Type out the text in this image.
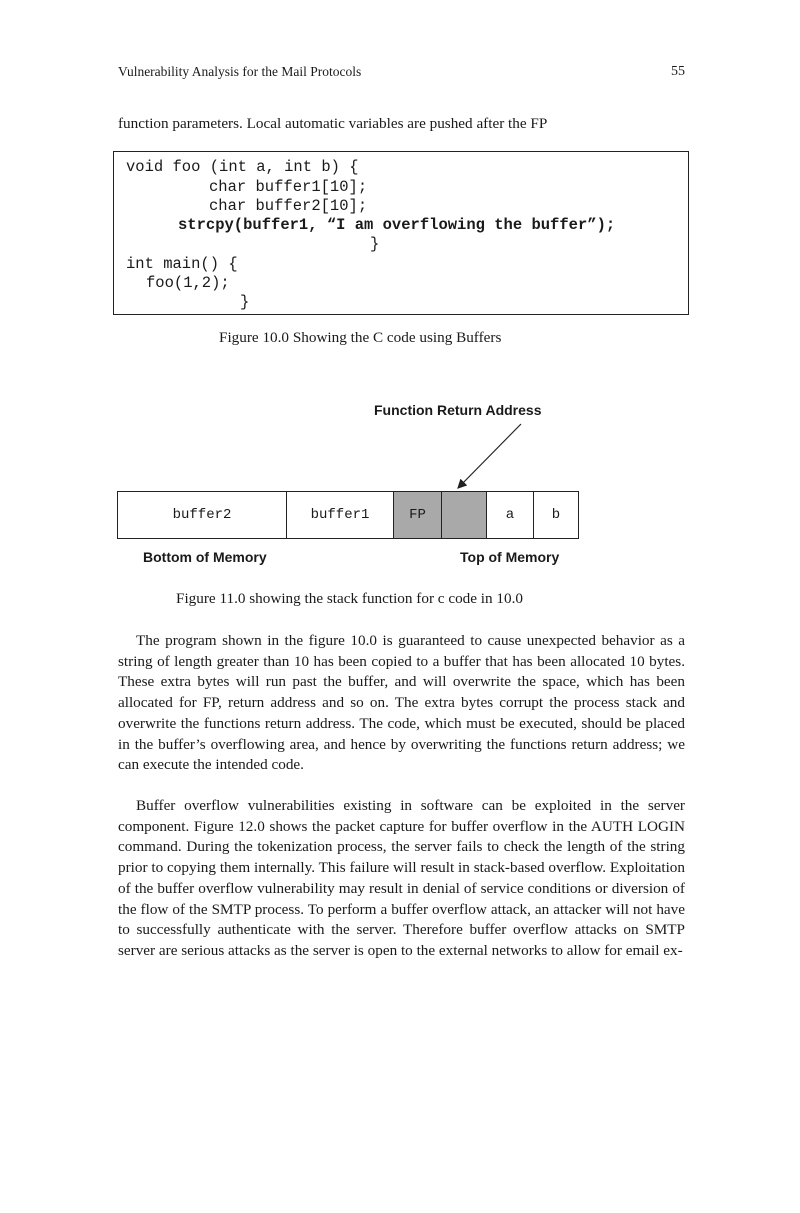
Vulnerability Analysis for the Mail Protocols	55

function parameters. Local automatic variables are pushed after the FP

void foo (int a, int b) {
char buffer1[10];
char buffer2[10];
strcpy(buffer1, “I am overflowing the buffer”);
}
int main() {
foo(1,2);
}
Figure 10.0 Showing the C code using Buffers
Function Return Address
buffer2	buffer1	FP	a	b
Bottom of Memory	Top of Memory
Figure 11.0 showing the stack function for c code in 10.0

The program shown in the figure 10.0 is guaranteed to cause unexpected behavior as a string of length greater than 10 has been copied to a buffer that has been allocated 10 bytes. These extra bytes will run past the buffer, and will overwrite the space, which has been allocated for FP, return address and so on. The extra bytes corrupt the process stack and overwrite the functions return address. The code, which must be executed, should be placed in the buffer’s overflowing area, and hence by overwriting the functions return address; we can execute the intended code.

Buffer overflow vulnerabilities existing in software can be exploited in the server component. Figure 12.0 shows the packet capture for buffer overflow in the AUTH LOGIN command. During the tokenization process, the server fails to check the length of the string prior to copying them internally. This failure will result in stack-based overflow. Exploitation of the buffer overflow vulnerability may result in denial of service conditions or diversion of the flow of the SMTP process. To perform a buffer overflow attack, an attacker will not have to successfully authenticate with the server. Therefore buffer overflow attacks on SMTP server are serious attacks as the server is open to the external networks to allow for email ex-
